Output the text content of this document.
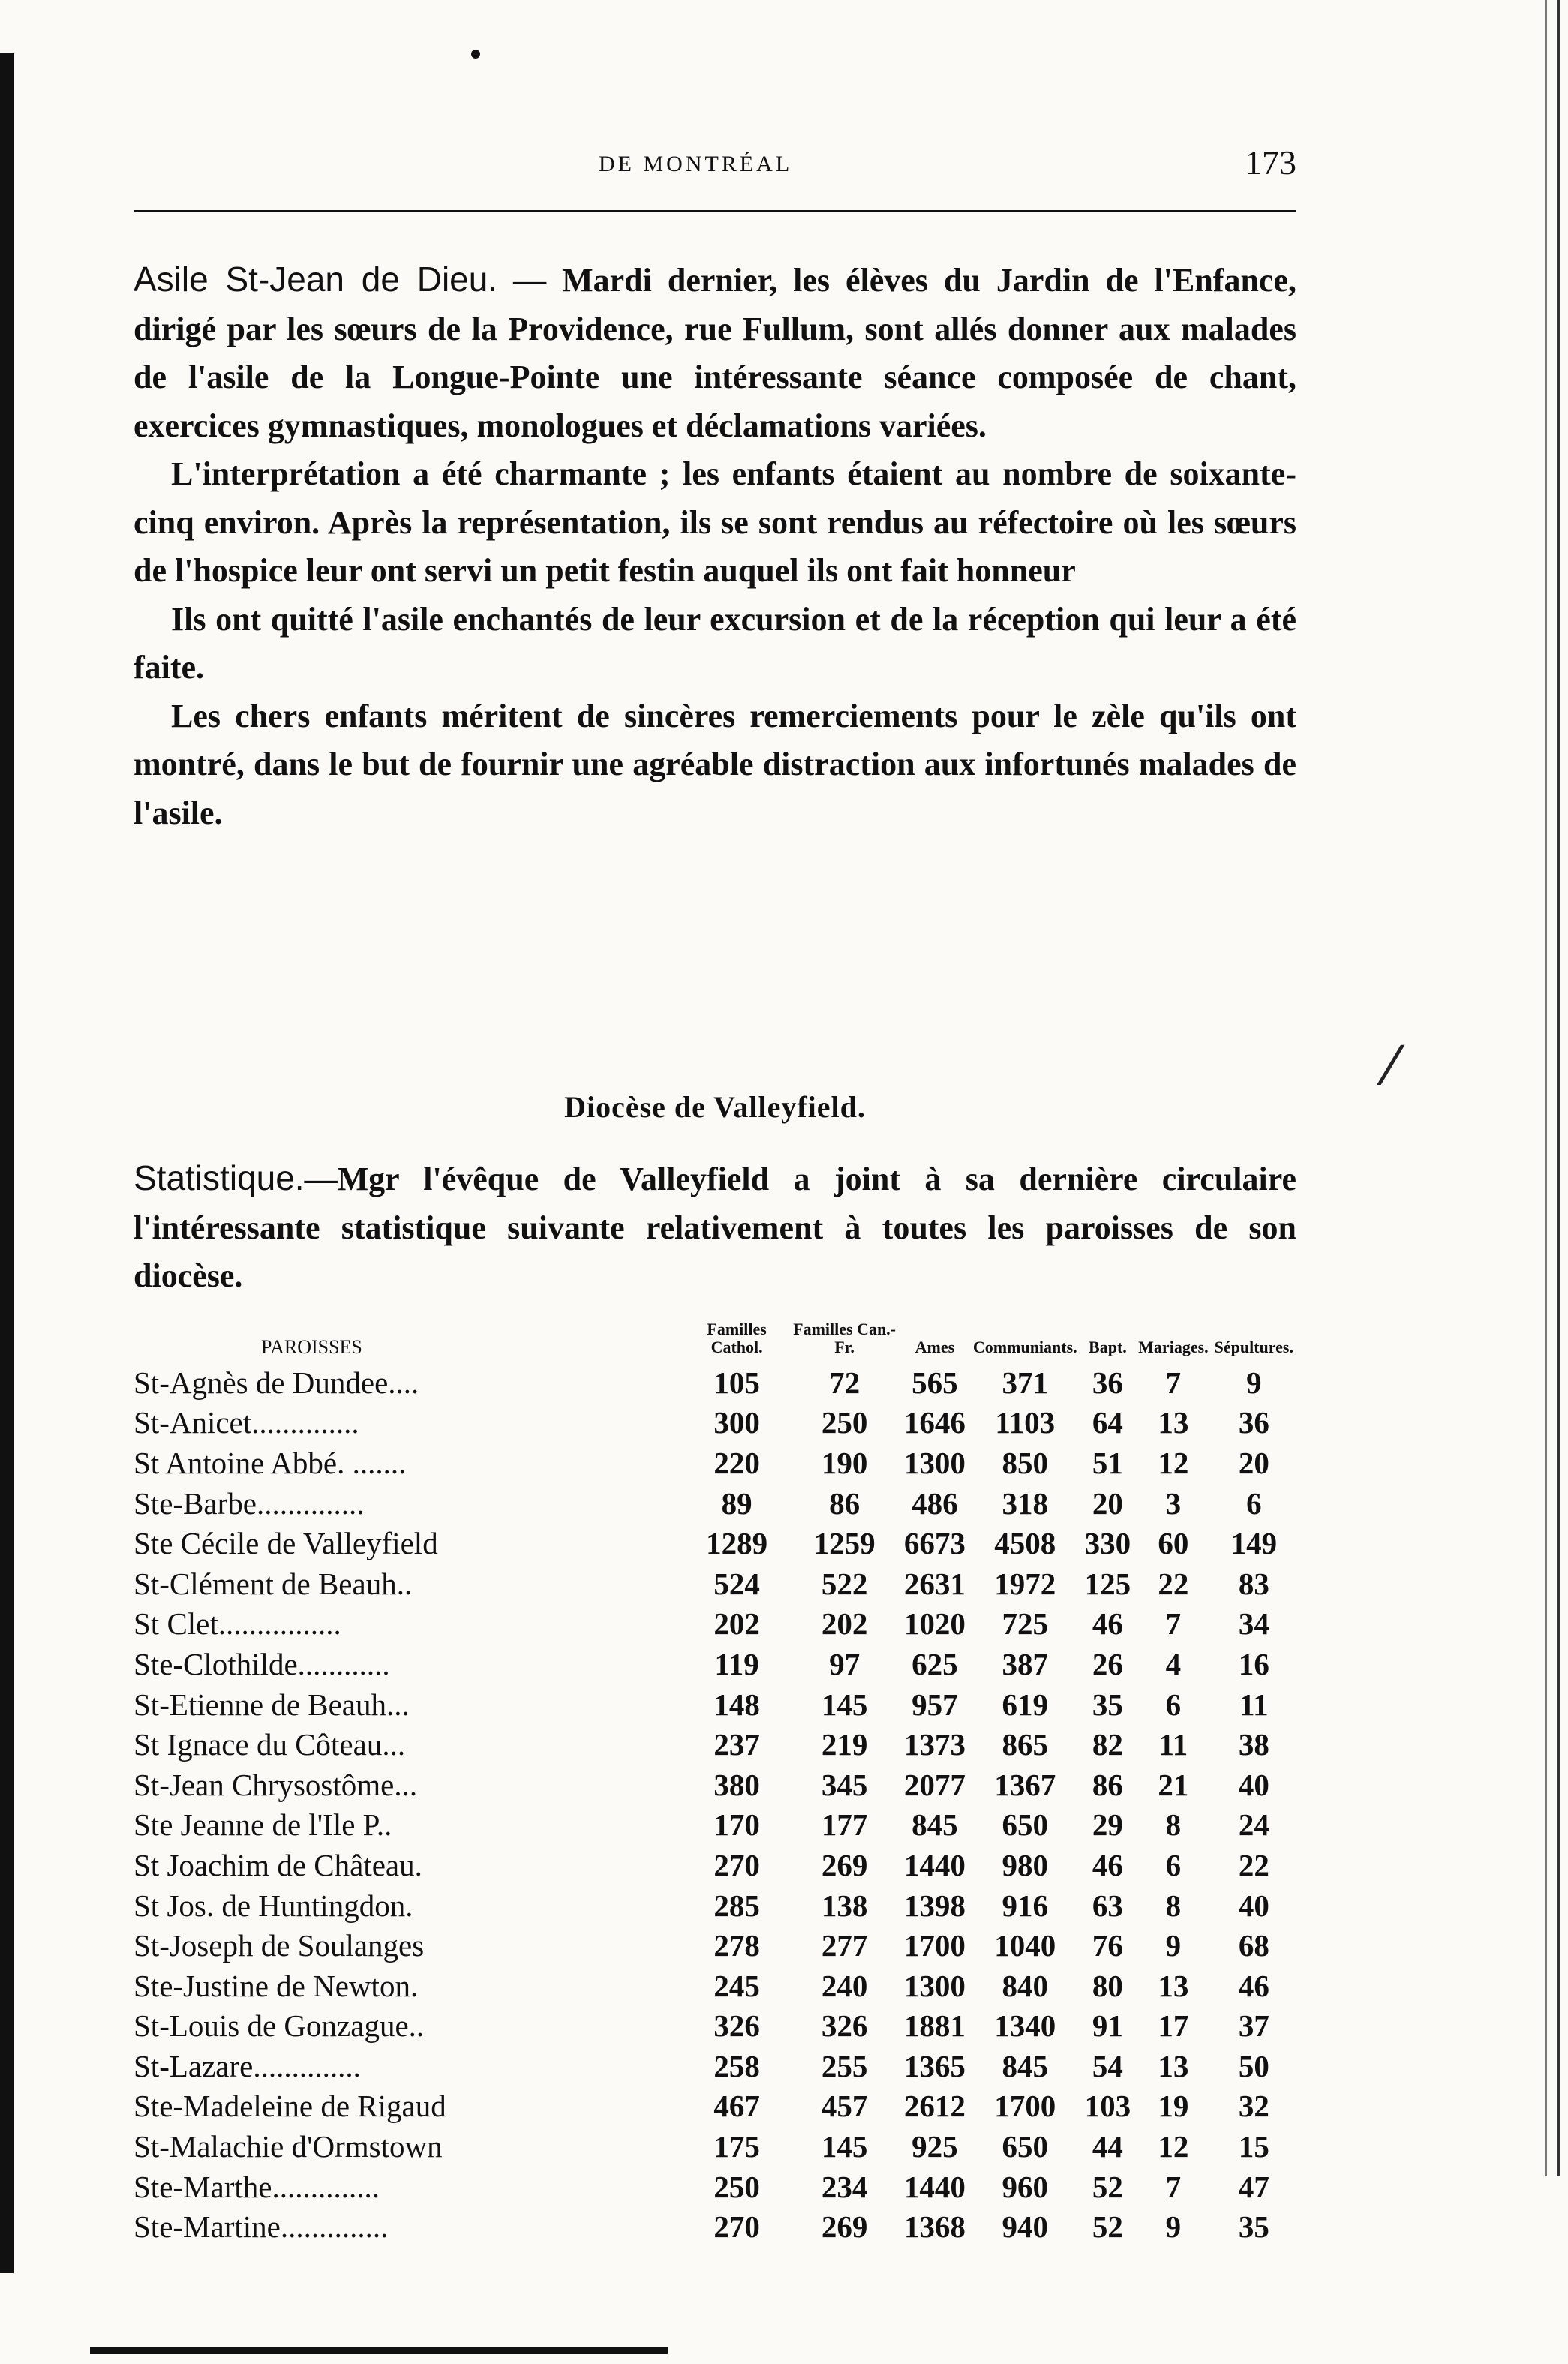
⁄
DE MONTRÉAL	173

Asile St-Jean de Dieu. — Mardi dernier, les élèves du Jardin de l'Enfance, dirigé par les sœurs de la Providence, rue Fullum, sont allés donner aux malades de l'asile de la Longue-Pointe une intéressante séance composée de chant, exercices gymnastiques, monologues et déclamations variées.

L'interprétation a été charmante ; les enfants étaient au nombre de soixante-cinq environ. Après la représentation, ils se sont rendus au réfectoire où les sœurs de l'hospice leur ont servi un petit festin auquel ils ont fait honneur

Ils ont quitté l'asile enchantés de leur excursion et de la réception qui leur a été faite.

Les chers enfants méritent de sincères remerciements pour le zèle qu'ils ont montré, dans le but de fournir une agréable distraction aux infortunés malades de l'asile.

Diocèse de Valleyfield.

Statistique.—Mgr l'évêque de Valleyfield a joint à sa dernière circulaire l'intéressante statistique suivante relativement à toutes les paroisses de son diocèse.

PAROISSES	Familles Cathol.	Familles Can.-Fr.	Ames	Communiants.	Bapt.	Mariages.	Sépultures.
St-Agnès de Dundee....	105	72	565	371	36	7	9
St-Anicet..............	300	250	1646	1103	64	13	36
St Antoine Abbé. .......	220	190	1300	850	51	12	20
Ste-Barbe..............	89	86	486	318	20	3	6
Ste Cécile de Valleyfield	1289	1259	6673	4508	330	60	149
St-Clément de Beauh..	524	522	2631	1972	125	22	83
St Clet................	202	202	1020	725	46	7	34
Ste-Clothilde............	119	97	625	387	26	4	16
St-Etienne de Beauh...	148	145	957	619	35	6	11
St Ignace du Côteau...	237	219	1373	865	82	11	38
St-Jean Chrysostôme...	380	345	2077	1367	86	21	40
Ste Jeanne de l'Ile P..	170	177	845	650	29	8	24
St Joachim de Château.	270	269	1440	980	46	6	22
St Jos. de Huntingdon.	285	138	1398	916	63	8	40
St-Joseph de Soulanges	278	277	1700	1040	76	9	68
Ste-Justine de Newton.	245	240	1300	840	80	13	46
St-Louis de Gonzague..	326	326	1881	1340	91	17	37
St-Lazare..............	258	255	1365	845	54	13	50
Ste-Madeleine de Rigaud	467	457	2612	1700	103	19	32
St-Malachie d'Ormstown	175	145	925	650	44	12	15
Ste-Marthe..............	250	234	1440	960	52	7	47
Ste-Martine..............	270	269	1368	940	52	9	35
